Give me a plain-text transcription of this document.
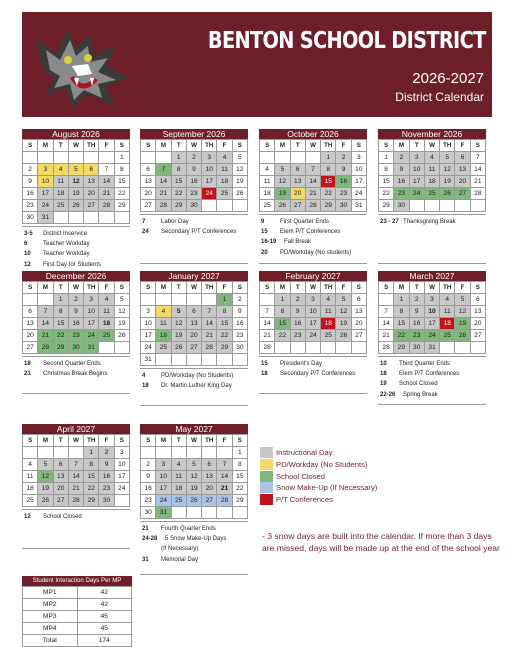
BENTON SCHOOL DISTRICT
2026-2027
District Calendar
August 2026
S	M	T	W	TH	F	S
						1
2	3	4	5	6	7	8
9	10	11	12	13	14	15
16	17	18	19	20	21	22
23	24	25	26	27	28	29
30	31					
3-5	District Inservice
6	Teacher Workday
10	Teacher Workday
12	First Day for Students
September 2026
S	M	T	W	TH	F	S
		1	2	3	4	5
6	7	8	9	10	11	12
13	14	15	16	17	18	19
20	21	22	23	24	25	26
27	28	29	30			
7	Labor Day
24	Secondary P/T Conferences
October 2026
S	M	T	W	TH	F	S
				1	2	3
4	5	6	7	8	9	10
11	12	13	14	15	16	17
18	19	20	21	22	23	24
25	26	27	28	29	30	31
9	First Quarter Ends
15	Elem P/T Conferences
16-19	Fall Break
20	PD/Workday (No students)
November 2026
S	M	T	W	TH	F	S
1	2	3	4	5	6	7
8	9	10	11	12	13	14
15	16	17	18	19	20	21
22	23	24	25	26	27	28
29	30					
23 - 27 Thanksgiving Break
December 2026
S	M	T	W	TH	F	S
		1	2	3	4	5
6	7	8	9	10	11	12
13	14	15	16	17	18	19
20	21	22	23	24	25	26
27	28	29	30	31		
18	Second Quarter Ends
21	Christmas Break Begins
January 2027
S	M	T	W	TH	F	S
					1	2
3	4	5	6	7	8	9
10	11	12	13	14	15	16
17	18	19	20	21	22	23
24	25	26	27	28	29	30
31						
4	PD/Workday (No Students)
18	Dr. Martin Luther King Day
February 2027
S	M	T	W	TH	F	S
	1	2	3	4	5	6
7	8	9	10	11	12	13
14	15	16	17	18	19	20
21	22	23	24	25	26	27
28						
15	President's Day
18	Secondary P/T Conferences
March 2027
S	M	T	W	TH	F	S
	1	2	3	4	5	6
7	8	9	10	11	12	13
14	15	16	17	18	19	20
21	22	23	24	25	26	27
28	29	30	31			
10	Third Quarter Ends
18	Elem P/T Conferences
19	School Closed
22-26	Spring Break
April 2027
S	M	T	W	TH	F	S
				1	2	3
4	5	6	7	8	9	10
11	12	13	14	15	16	17
18	19	20	21	22	23	24
25	26	27	28	29	30	
12	School Closed
May 2027
S	M	T	W	TH	F	S
						1
2	3	4	5	6	7	8
9	10	11	12	13	14	15
16	17	18	19	20	21	22
23	24	25	26	27	28	29
30	31					
21	Fourth Quarter Ends
24-28	5 Snow Make-Up Days
(If Necessary)
31	Memorial Day
Instructional Day
PD/Workday (No Students)
School Closed
Snow Make-Up (If Necessary)
P/T Conferences
- 3 snow days are built into the calendar. If more than 3 days are missed, days will be made up at the end of the school year
Student Interaction Days Per MP
MP1	42
MP2	42
MP3	45
MP4	45
Total	174
